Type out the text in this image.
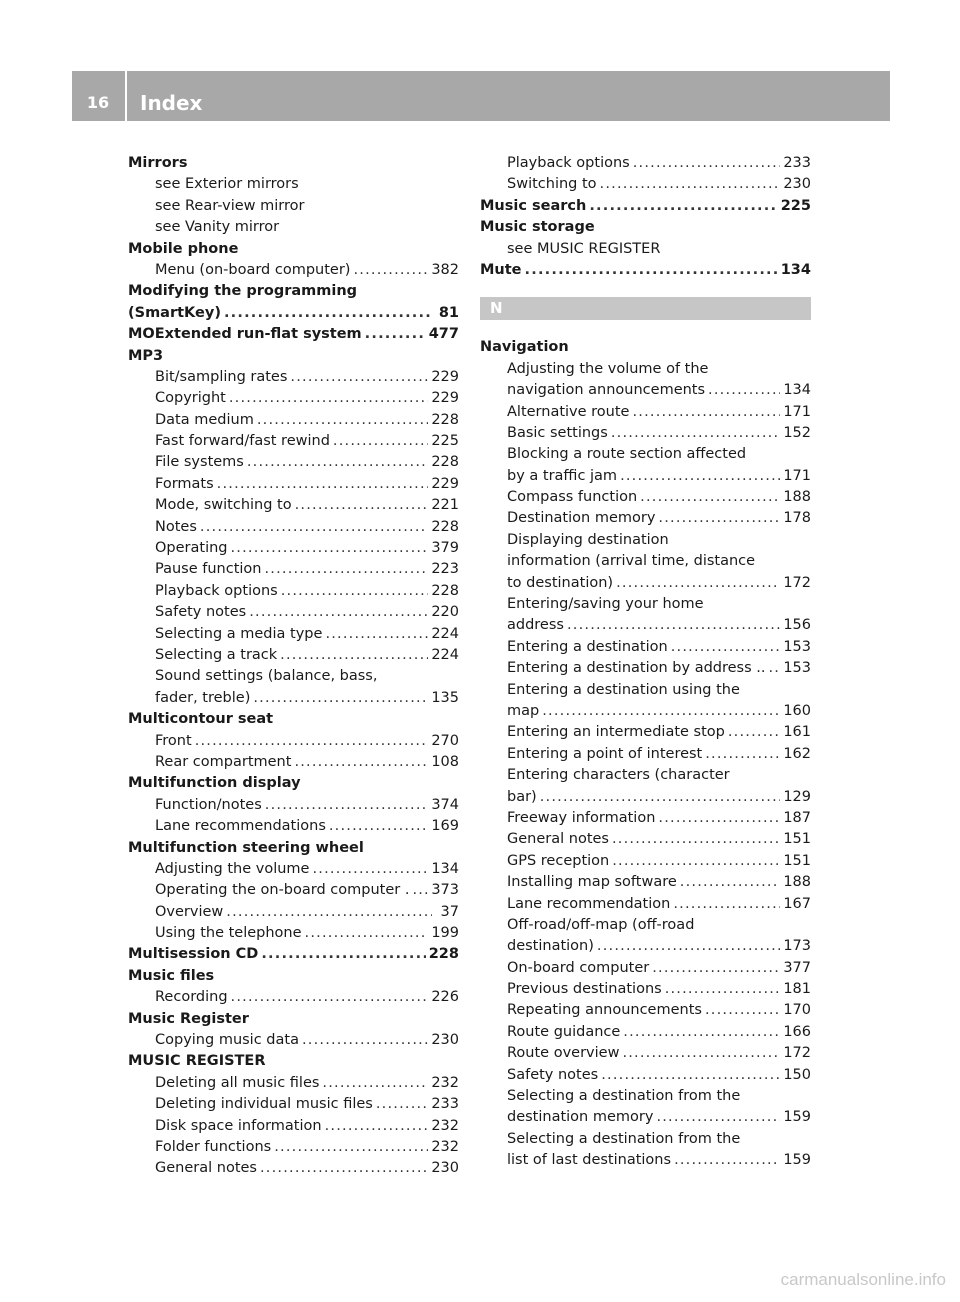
16	Index
Mirrors
see Exterior mirrors
see Rear-view mirror
see Vanity mirror
Mobile phone
Menu (on-board computer) .....	382
Modifying the programming
(SmartKey) .....	81
MOExtended run-flat system .....	477
MP3
Bit/sampling rates .....	229
Copyright .....	229
Data medium .....	228
Fast forward/fast rewind .....	225
File systems .....	228
Formats .....	229
Mode, switching to .....	221
Notes .....	228
Operating .....	379
Pause function .....	223
Playback options .....	228
Safety notes .....	220
Selecting a media type .....	224
Selecting a track .....	224
Sound settings (balance, bass,
fader, treble) .....	135
Multicontour seat
Front .....	270
Rear compartment .....	108
Multifunction display
Function/notes .....	374
Lane recommendations .....	169
Multifunction steering wheel
Adjusting the volume .....	134
Operating the on-board computer . ..... 373
Overview .....	37
Using the telephone .....	199
Multisession CD .....	228
Music files
Recording .....	226
Music Register
Copying music data .....	230
MUSIC REGISTER
Deleting all music files .....	232
Deleting individual music files .....	233
Disk space information .....	232
Folder functions .....	232
General notes .....	230
Playback options .....	233
Switching to .....	230
Music search .....	225
Music storage
see MUSIC REGISTER
Mute .....	134
N
Navigation
Adjusting the volume of the
navigation announcements .....	134
Alternative route .....	171
Basic settings .....	152
Blocking a route section affected
by a traffic jam .....	171
Compass function .....	188
Destination memory .....	178
Displaying destination
information (arrival time, distance
to destination) .....	172
Entering/saving your home
address .....	156
Entering a destination .....	153
Entering a destination by address .. ..... 153
Entering a destination using the
map .....	160
Entering an intermediate stop .....	161
Entering a point of interest .....	162
Entering characters (character
bar) .....	129
Freeway information .....	187
General notes .....	151
GPS reception .....	151
Installing map software .....	188
Lane recommendation .....	167
Off-road/off-map (off-road
destination) .....	173
On-board computer .....	377
Previous destinations .....	181
Repeating announcements .....	170
Route guidance .....	166
Route overview .....	172
Safety notes .....	150
Selecting a destination from the
destination memory .....	159
Selecting a destination from the
list of last destinations .....	159
carmanualsonline.info
